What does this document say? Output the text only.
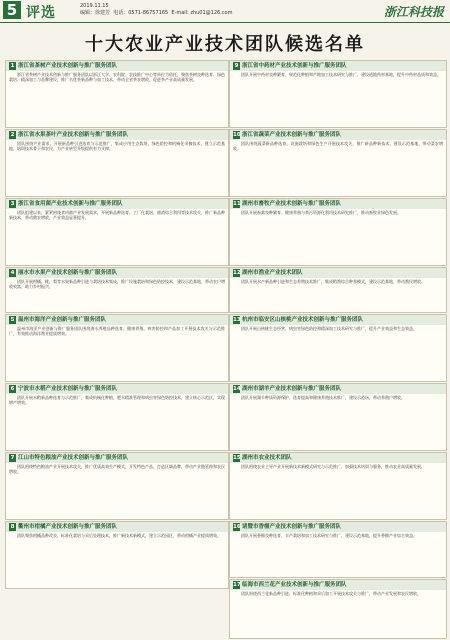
5 评选	2019.11.15
编辑：徐建芳 电话：0571-86757165 E-mail: zhu01@126.com	浙江科技报
十大农业产业技术团队候选名单
1 浙江省茶树产业技术创新与推广服务团队
浙江省茶树产业技术创新与推广服务团队以浙江大学、农科院、农技推广中心等单位为依托，聚焦茶树良种选育、绿色栽培、精深加工与品牌建设，推广名优茶新品种与加工技术，带动全省茶农增收，促进茶产业高质量发展。
2 浙江省水果茶叶产业技术创新与推广服务团队
团队围绕产业需求，开展新品种引进选育与示范推广，集成应用生态栽培、绿色防控和机械化采摘技术，建立示范基地，培训技术骨干和农民，为产业转型升级提供有力支撑。
3 浙江省食用菌产业技术创新与推广服务团队
团队组建以来，紧紧围绕食用菌产业发展需求，开展新品种选育、工厂化栽培、菌渣综合利用等技术攻关，推广新品种新技术，带动菌农增收，产业效益显著提升。
4 丽水市水果产业技术创新与推广服务团队
团队开展柑橘、桃、梨等水果新品种引进与栽培技术集成，推广设施栽培和绿色防控技术，建设示范基地，带动农户增收致富，助力乡村振兴。
5 温州市海洋产业创新与推广服务团队
温州市海洋产业创新与推广服务团队围绕海水养殖品种选育、健康养殖、病害防控和产品加工开展技术攻关与示范推广，有效推动海洋渔业提质增效。
6 宁波市水稻产业技术创新与推广服务团队
团队开展水稻新品种选育与示范推广，集成机械化种植、肥水精准管理和病虫害绿色防控技术，建立核心示范区，实现增产增效。
7 江山市特色粮油产业技术创新与推广服务团队
团队围绕特色粮油产业开展技术攻关，推广优质高效生产模式，开发特色产品，打造区域品牌，带动产业链延伸和农民增收。
8 衢州市柑橘产业技术创新与推广服务团队
团队聚焦柑橘品种改良、标准化栽培与采后处理技术，推广新技术新模式，建立示范园区，带动柑橘产业提质增效。
9 浙江省中药材产业技术创新与推广服务团队
团队开展中药材良种繁育、规范化种植和产地加工技术研究与推广，建设道地药材基地，提升中药材品质和效益。
10浙江省蔬菜产业技术创新与推广服务团队
团队围绕蔬菜新品种选育、设施栽培和绿色生产开展技术攻关，推广新品种新技术，建设示范基地，带动菜农增收。
11湖州市畜牧产业技术创新与推广服务团队
团队开展畜禽良种繁育、健康养殖与粪污资源化利用技术研究推广，推动畜牧业绿色发展。
12湖州市渔业产业技术团队
团队开展水产新品种引进和生态养殖技术推广，集成稻渔综合种养模式，建设示范基地，带动渔民增收。
13杭州市临安区山核桃产业技术创新与推广服务团队
团队开展山核桃生态经营、病虫害绿色防控和精深加工技术研究与推广，提升产业效益和生态效益。
14湖州市湖羊产业技术创新与推广服务团队
团队开展湖羊种质资源保护、选育提高和健康养殖技术推广，建设示范场，带动养殖户增收。
15湖州市农业技术团队
团队围绕农业主导产业开展新技术新模式研究与示范推广，加强技术培训与服务，推动农业高质量发展。
16诸暨市香榧产业技术创新与推广服务团队
团队开展香榧良种选育、丰产栽培和加工技术研究与推广，建设示范基地，提升香榧产业综合效益。
17临海市西兰花产业技术创新与推广服务团队
团队围绕西兰花新品种引进、标准化种植和采后加工开展技术攻关与推广，带动产业发展和农民增收。
